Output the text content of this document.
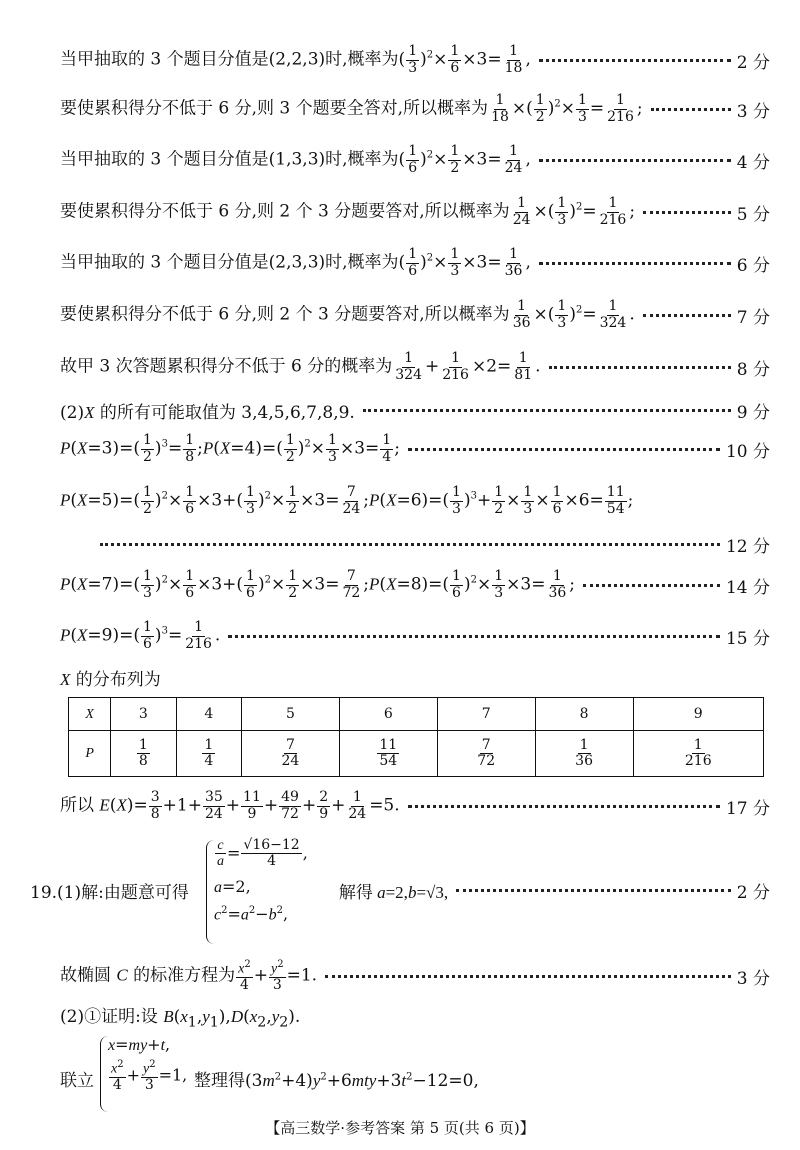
当甲抽取的 3 个题目分值是(2,2,3)时,概率为( $\frac{1}{3} )^2\times \frac{1}{6} \times 3= \frac{1}{18}$ ,	2 分
要使累积得分不低于 6 分,则 3 个题要全答对,所以概率为 $\frac{1}{18}$ ×( $\frac{1}{2} )^2\times \frac{1}{3} = \frac{1}{216}$ ;	3 分
当甲抽取的 3 个题目分值是(1,3,3)时,概率为( $\frac{1}{6} )^2\times \frac{1}{2} \times 3= \frac{1}{24}$ ,	4 分
要使累积得分不低于 6 分,则 2 个 3 分题要答对,所以概率为 $\frac{1}{24}$ ×( $\frac{1}{3} )^2= \frac{1}{216}$ ;	5 分
当甲抽取的 3 个题目分值是(2,3,3)时,概率为( $\frac{1}{6} )^2\times \frac{1}{3} \times 3= \frac{1}{36}$ ,	6 分
要使累积得分不低于 6 分,则 2 个 3 分题要答对,所以概率为 $\frac{1}{36}$ ×( $\frac{1}{3} )^2= \frac{1}{324}$ .	7 分
故甲 3 次答题累积得分不低于 6 分的概率为 $\frac{1}{324} + \frac{1}{216} \times 2= \frac{1}{81}$ .	8 分
(2)X 的所有可能取值为 3,4,5,6,7,8,9.	9 分
$P(X=3)=( \frac{1}{2} )^3= \frac{1}{8}$ ;P(X=4)=( $\frac{1}{2} )^2\times \frac{1}{3} \times 3= \frac{1}{4}$ ;	10 分
$P(X=5)=( \frac{1}{2} )^2\times \frac{1}{6} \times 3+( \frac{1}{3} )^2\times \frac{1}{2} \times 3= \frac{7}{24}$ ;P(X=6)=( $\frac{1}{3} )^3+ \frac{1}{2} \times \frac{1}{3} \times \frac{1}{6} \times 6= \frac{11}{54}$ ;
12 分
$P(X=7)=( \frac{1}{3} )^2\times \frac{1}{6} \times 3+( \frac{1}{6} )^2\times \frac{1}{2} \times 3= \frac{7}{72}$ ;P(X=8)=( $\frac{1}{6} )^2\times \frac{1}{3} \times 3= \frac{1}{36}$ ;	14 分
$P(X=9)=( \frac{1}{6} )^3= \frac{1}{216}$ .	15 分
X 的分布列为
X	3	4	5	6	7	8	9
P	$\frac{1}{8}$	$\frac{1}{4}$	$\frac{7}{24}$	$\frac{11}{54}$	$\frac{7}{72}$	$\frac{1}{36}$	$\frac{1}{216}$
所以 $E(X)= \frac{3}{8} +1+ \frac{35}{24} + \frac{11}{9} + \frac{49}{72} + \frac{2}{9} + \frac{1}{24} =5$.	17 分
19.(1)解:由题意可得	解得 a=2,b=√3,	2 分
$\frac{c}{a} = \frac{√16-12}{4}$ ,
a=2,
$c^2=a^2-b^2$,
故椭圆 C 的标准方程为 $\frac{x^2}{4} + \frac{y^2}{3} =1$.	3 分
(2)①证明:设 $B(x_1,y_1),D(x_2,y_2)$.
联立	整理得$(3m^2+4)y^2+6mty+3t^2-12=0$,
x=my+t,
$\frac{x^2}{4} + \frac{y^2}{3} =1$,
【高三数学·参考答案 第 5 页(共 6 页)】
